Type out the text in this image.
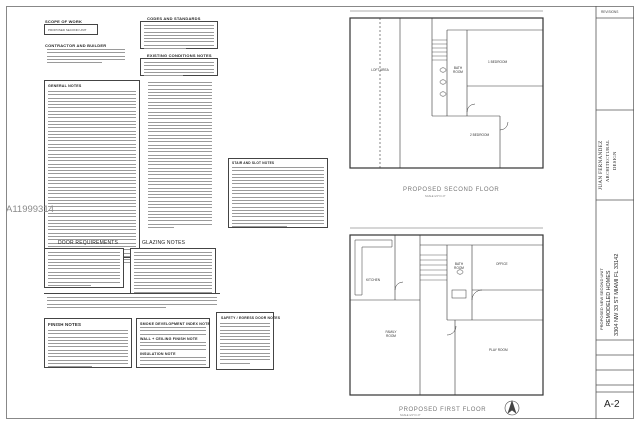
SCOPE OF WORK
PROPOSED SECOND UNIT
CONTRACTOR AND BUILDER
CODES AND STANDARDS
EXISTING CONDITIONS NOTES
GENERAL NOTES
STAIR AND SLOT NOTES
DOOR REQUIREMENTS	GLAZING NOTES
FINISH NOTES	SMOKE DEVELOPMENT INDEX NOTE
WALL + CEILING FINISH NOTE
INSULATION NOTE
SAFETY / EGRESS DOOR NOTES
A11999314
PROPOSED SECOND FLOOR
SCALE 1/4"=1'-0"
PROPOSED FIRST FLOOR
SCALE 1/4"=1'-0"
LOFT AREA	BATH ROOM
1 BEDROOM
2 BEDROOM
KITCHEN
FAMILY ROOM
BATH ROOM
OFFICE
PLAY ROOM
REVISIONS
JUAN FERNANDEZ ARCHITECTURAL DESIGN
PROPOSED NEW SECOND UNIT REMODELED HOMES 3304 NW 33 ST MIAMI FL 33142
A-2
